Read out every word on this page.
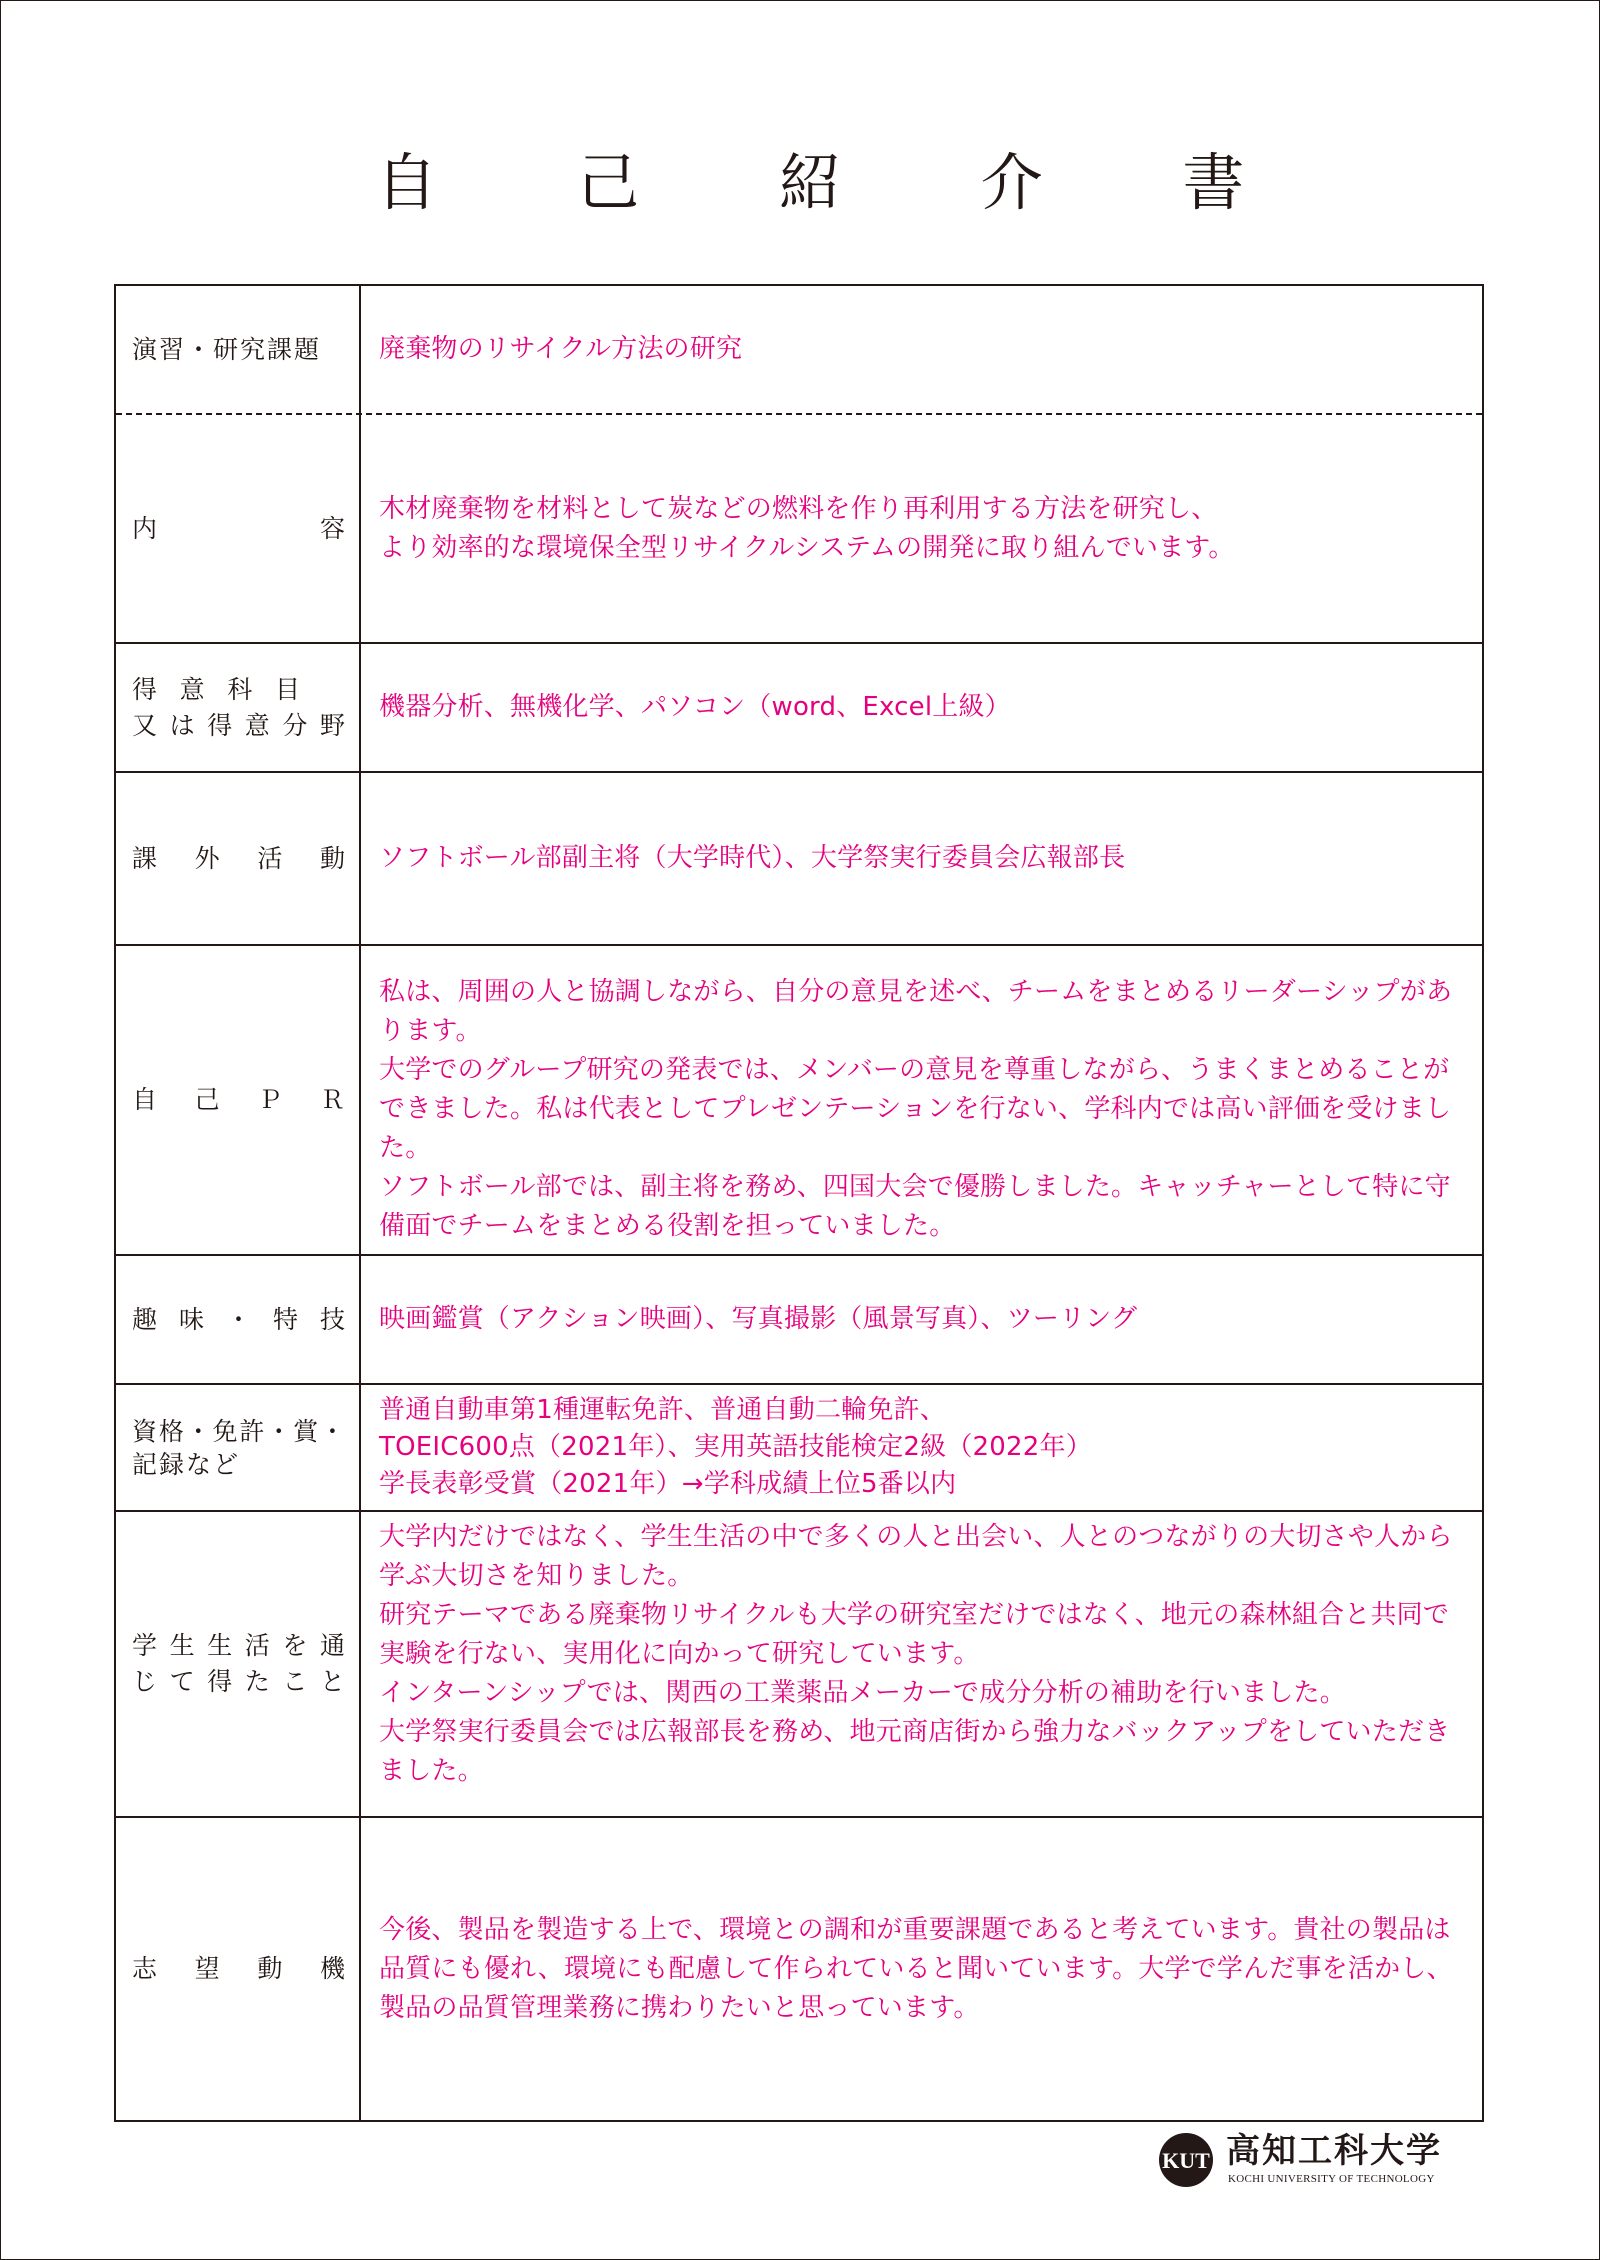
自 己 紹 介 書
演習・研究課題	廃棄物のリサイクル方法の研究
内	容
木材廃棄物を材料として炭などの燃料を作り再利用する方法を研究し、
より効率的な環境保全型リサイクルシステムの開発に取り組んでいます。
得 意 科 目
又 は 得 意 分 野
機器分析、無機化学、パソコン（word、Excel上級）
課 外 活 動 ソフトボール部副主将（大学時代）、大学祭実行委員会広報部長
自 己 Ｐ Ｒ
私は、周囲の人と協調しながら、自分の意見を述べ、チームをまとめるリーダーシップがあります。
大学でのグループ研究の発表では、メンバーの意見を尊重しながら、うまくまとめることができました。私は代表としてプレゼンテーションを行ない、学科内では高い評価を受けました。
ソフトボール部では、副主将を務め、四国大会で優勝しました。キャッチャーとして特に守備面でチームをまとめる役割を担っていました。
趣 味 ・ 特 技 映画鑑賞（アクション映画）、写真撮影（風景写真）、ツーリング
資 格 ・ 免 許 ・ 賞 ・
記録など
普通自動車第1種運転免許、普通自動二輪免許、
TOEIC600点（2021年）、実用英語技能検定2級（2022年）
学長表彰受賞（2021年）→学科成績上位5番以内
学 生 生 活 を 通
じ て 得 た こ と
大学内だけではなく、学生生活の中で多くの人と出会い、人とのつながりの大切さや人から学ぶ大切さを知りました。
研究テーマである廃棄物リサイクルも大学の研究室だけではなく、地元の森林組合と共同で実験を行ない、実用化に向かって研究しています。
インターンシップでは、関西の工業薬品メーカーで成分分析の補助を行いました。
大学祭実行委員会では広報部長を務め、地元商店街から強力なバックアップをしていただきました。
志 望 動 機
今後、製品を製造する上で、環境との調和が重要課題であると考えています。貴社の製品は品質にも優れ、環境にも配慮して作られていると聞いています。大学で学んだ事を活かし、製品の品質管理業務に携わりたいと思っています。
KUT 高知工科大学
KOCHI UNIVERSITY OF TECHNOLOGY
